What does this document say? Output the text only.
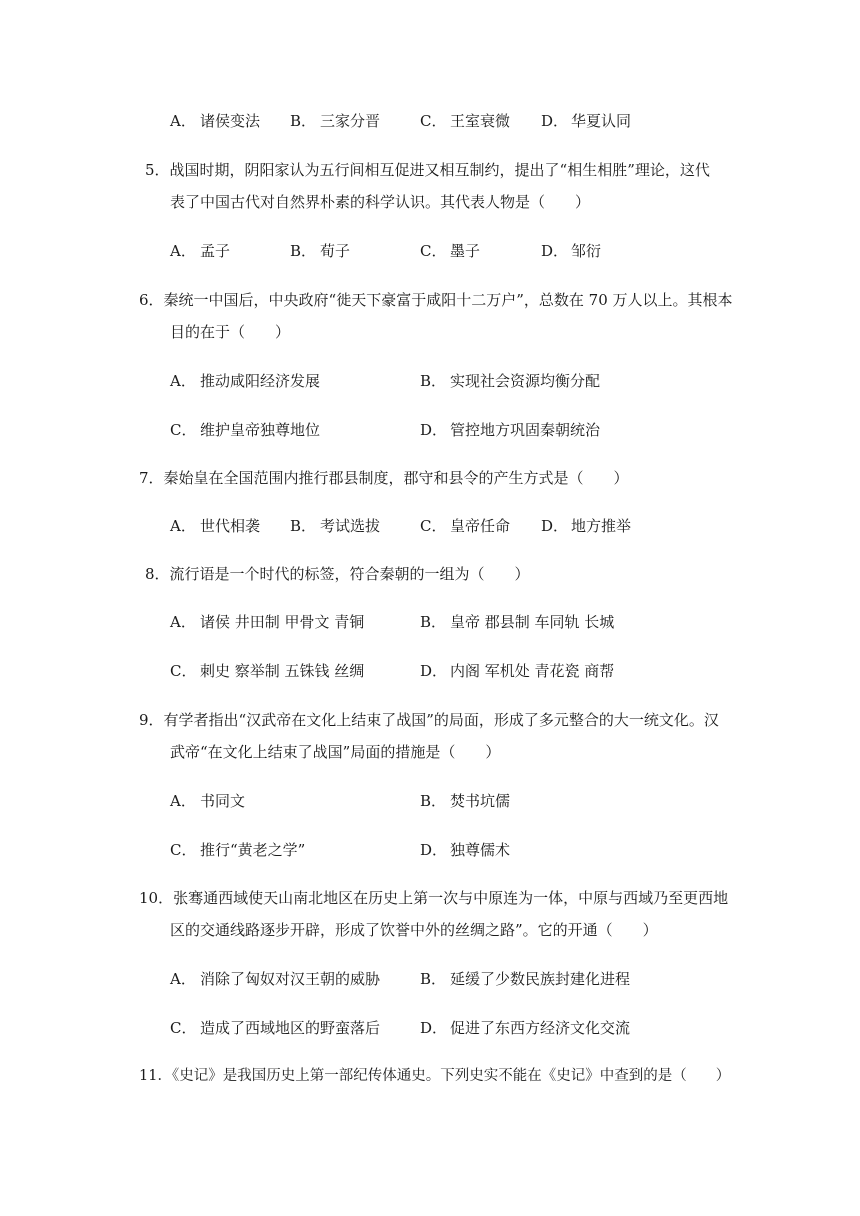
A． 诸侯变法 B． 三家分晋	C． 王室衰微 D． 华夏认同
5．战国时期，阴阳家认为五行间相互促进又相互制约，提出了“相生相胜”理论，这代
表了中国古代对自然界朴素的科学认识。其代表人物是（　　）
A． 孟子	B． 荀子	C． 墨子	D． 邹衍
6．秦统一中国后，中央政府“徙天下豪富于咸阳十二万户”，总数在 70 万人以上。其根本
目的在于（　　）
A． 推动咸阳经济发展	B． 实现社会资源均衡分配
C． 维护皇帝独尊地位	D． 管控地方巩固秦朝统治
7．秦始皇在全国范围内推行郡县制度，郡守和县令的产生方式是（　　）
A． 世代相袭 B． 考试选拔	C． 皇帝任命 D． 地方推举
8．流行语是一个时代的标签，符合秦朝的一组为（　　）
A． 诸侯 井田制 甲骨文 青铜	B． 皇帝 郡县制 车同轨 长城
C． 刺史 察举制 五铢钱 丝绸	D． 内阁 军机处 青花瓷 商帮
9．有学者指出“汉武帝在文化上结束了战国”的局面，形成了多元整合的大一统文化。汉
武帝“在文化上结束了战国”局面的措施是（　　）
A． 书同文	B． 焚书坑儒
C． 推行“黄老之学”	D． 独尊儒术
10．张骞通西域使天山南北地区在历史上第一次与中原连为一体，中原与西域乃至更西地
区的交通线路逐步开辟，形成了饮誉中外的丝绸之路”。它的开通（　　）
A． 消除了匈奴对汉王朝的威胁	B． 延缓了少数民族封建化进程
C． 造成了西域地区的野蛮落后	D． 促进了东西方经济文化交流
11．《史记》是我国历史上第一部纪传体通史。下列史实不能在《史记》中查到的是（　　）
